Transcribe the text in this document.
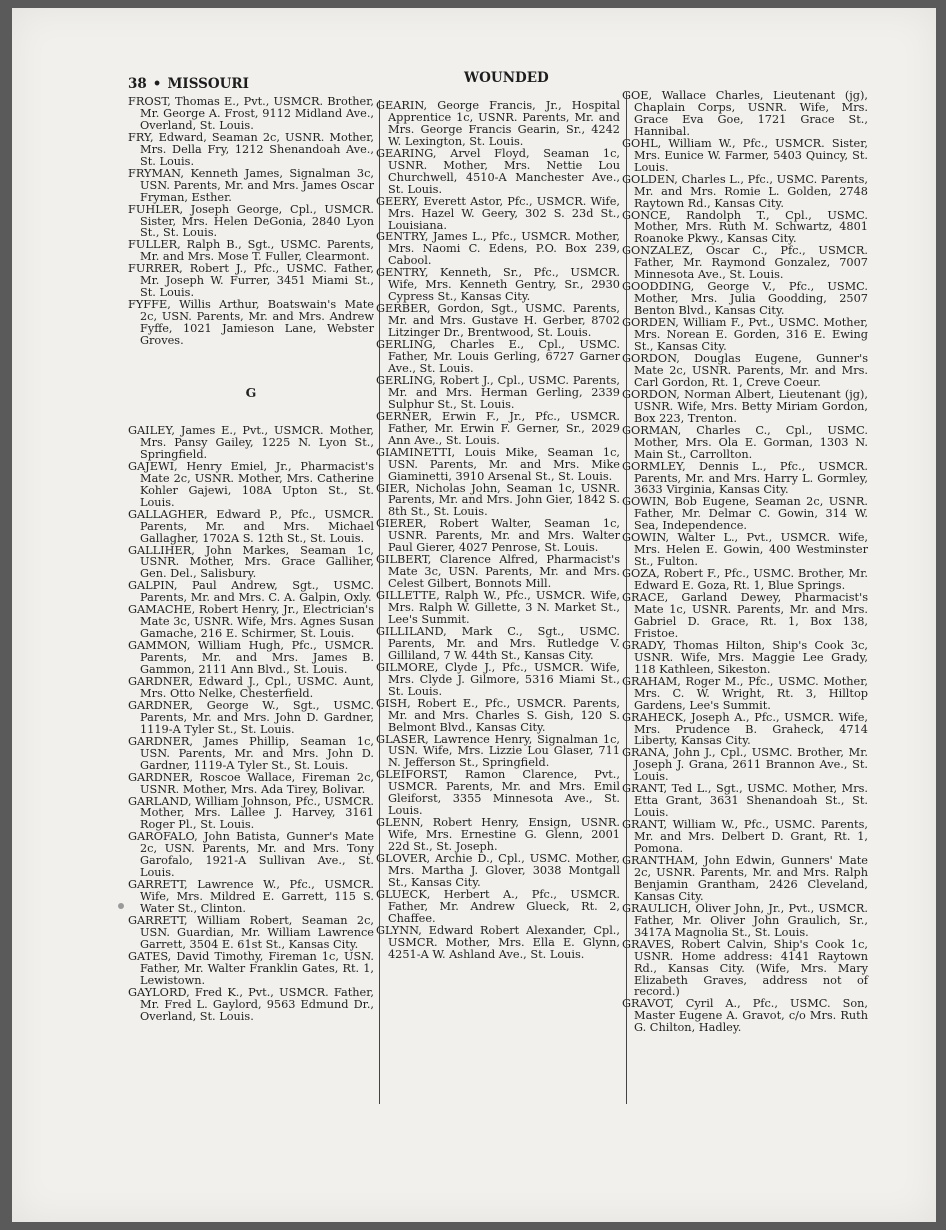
38 • MISSOURI	WOUNDED

FROST, Thomas E., Pvt., USMCR. Brother, Mr. George A. Frost, 9112 Midland Ave., Overland, St. Louis.

FRY, Edward, Seaman 2c, USNR. Mother, Mrs. Della Fry, 1212 Shenandoah Ave., St. Louis.

FRYMAN, Kenneth James, Signalman 3c, USN. Parents, Mr. and Mrs. James Oscar Fryman, Esther.

FUHLER, Joseph George, Cpl., USMCR. Sister, Mrs. Helen DeGonia, 2840 Lyon St., St. Louis.

FULLER, Ralph B., Sgt., USMC. Parents, Mr. and Mrs. Mose T. Fuller, Clearmont.

FURRER, Robert J., Pfc., USMC. Father, Mr. Joseph W. Furrer, 3451 Miami St., St. Louis.

FYFFE, Willis Arthur, Boatswain's Mate 2c, USN. Parents, Mr. and Mrs. Andrew Fyffe, 1021 Jamieson Lane, Webster Groves.

G

GAILEY, James E., Pvt., USMCR. Mother, Mrs. Pansy Gailey, 1225 N. Lyon St., Springfield.

GAJEWI, Henry Emiel, Jr., Pharmacist's Mate 2c, USNR. Mother, Mrs. Catherine Kohler Gajewi, 108A Upton St., St. Louis.

GALLAGHER, Edward P., Pfc., USMCR. Parents, Mr. and Mrs. Michael Gallagher, 1702A S. 12th St., St. Louis.

GALLIHER, John Markes, Seaman 1c, USNR. Mother, Mrs. Grace Galliher, Gen. Del., Salisbury.

GALPIN, Paul Andrew, Sgt., USMC. Parents, Mr. and Mrs. C. A. Galpin, Oxly.

GAMACHE, Robert Henry, Jr., Electrician's Mate 3c, USNR. Wife, Mrs. Agnes Susan Gamache, 216 E. Schirmer, St. Louis.

GAMMON, William Hugh, Pfc., USMCR. Parents, Mr. and Mrs. James B. Gammon, 2111 Ann Blvd., St. Louis.

GARDNER, Edward J., Cpl., USMC. Aunt, Mrs. Otto Nelke, Chesterfield.

GARDNER, George W., Sgt., USMC. Parents, Mr. and Mrs. John D. Gardner, 1119-A Tyler St., St. Louis.

GARDNER, James Phillip, Seaman 1c, USN. Parents, Mr. and Mrs. John D. Gardner, 1119-A Tyler St., St. Louis.

GARDNER, Roscoe Wallace, Fireman 2c, USNR. Mother, Mrs. Ada Tirey, Bolivar.

GARLAND, William Johnson, Pfc., USMCR. Mother, Mrs. Lallee J. Harvey, 3161 Roger Pl., St. Louis.

GAROFALO, John Batista, Gunner's Mate 2c, USN. Parents, Mr. and Mrs. Tony Garofalo, 1921-A Sullivan Ave., St. Louis.

GARRETT, Lawrence W., Pfc., USMCR. Wife, Mrs. Mildred E. Garrett, 115 S. Water St., Clinton.

GARRETT, William Robert, Seaman 2c, USN. Guardian, Mr. William Lawrence Garrett, 3504 E. 61st St., Kansas City.

GATES, David Timothy, Fireman 1c, USN. Father, Mr. Walter Franklin Gates, Rt. 1, Lewistown.

GAYLORD, Fred K., Pvt., USMCR. Father, Mr. Fred L. Gaylord, 9563 Edmund Dr., Overland, St. Louis.

GEARIN, George Francis, Jr., Hospital Apprentice 1c, USNR. Parents, Mr. and Mrs. George Francis Gearin, Sr., 4242 W. Lexington, St. Louis.

GEARING, Arvel Floyd, Seaman 1c, USNR. Mother, Mrs. Nettie Lou Churchwell, 4510-A Manchester Ave., St. Louis.

GEERY, Everett Astor, Pfc., USMCR. Wife, Mrs. Hazel W. Geery, 302 S. 23d St., Louisiana.

GENTRY, James L., Pfc., USMCR. Mother, Mrs. Naomi C. Edens, P.O. Box 239, Cabool.

GENTRY, Kenneth, Sr., Pfc., USMCR. Wife, Mrs. Kenneth Gentry, Sr., 2930 Cypress St., Kansas City.

GERBER, Gordon, Sgt., USMC. Parents, Mr. and Mrs. Gustave H. Gerber, 8702 Litzinger Dr., Brentwood, St. Louis.

GERLING, Charles E., Cpl., USMC. Father, Mr. Louis Gerling, 6727 Garner Ave., St. Louis.

GERLING, Robert J., Cpl., USMC. Parents, Mr. and Mrs. Herman Gerling, 2339 Sulphur St., St. Louis.

GERNER, Erwin F., Jr., Pfc., USMCR. Father, Mr. Erwin F. Gerner, Sr., 2029 Ann Ave., St. Louis.

GIAMINETTI, Louis Mike, Seaman 1c, USN. Parents, Mr. and Mrs. Mike Giaminetti, 3910 Arsenal St., St. Louis.

GIER, Nicholas John, Seaman 1c, USNR. Parents, Mr. and Mrs. John Gier, 1842 S. 8th St., St. Louis.

GIERER, Robert Walter, Seaman 1c, USNR. Parents, Mr. and Mrs. Walter Paul Gierer, 4027 Penrose, St. Louis.

GILBERT, Clarence Alfred, Pharmacist's Mate 3c, USN. Parents, Mr. and Mrs. Celest Gilbert, Bonnots Mill.

GILLETTE, Ralph W., Pfc., USMCR. Wife, Mrs. Ralph W. Gillette, 3 N. Market St., Lee's Summit.

GILLILAND, Mark C., Sgt., USMC. Parents, Mr. and Mrs. Rutledge V. Gilliland, 7 W. 44th St., Kansas City.

GILMORE, Clyde J., Pfc., USMCR. Wife, Mrs. Clyde J. Gilmore, 5316 Miami St., St. Louis.

GISH, Robert E., Pfc., USMCR. Parents, Mr. and Mrs. Charles S. Gish, 120 S. Belmont Blvd., Kansas City.

GLASER, Lawrence Henry, Signalman 1c, USN. Wife, Mrs. Lizzie Lou Glaser, 711 N. Jefferson St., Springfield.

GLEIFORST, Ramon Clarence, Pvt., USMCR. Parents, Mr. and Mrs. Emil Gleiforst, 3355 Minnesota Ave., St. Louis.

GLENN, Robert Henry, Ensign, USNR. Wife, Mrs. Ernestine G. Glenn, 2001 22d St., St. Joseph.

GLOVER, Archie D., Cpl., USMC. Mother, Mrs. Martha J. Glover, 3038 Montgall St., Kansas City.

GLUECK, Herbert A., Pfc., USMCR. Father, Mr. Andrew Glueck, Rt. 2, Chaffee.

GLYNN, Edward Robert Alexander, Cpl., USMCR. Mother, Mrs. Ella E. Glynn, 4251-A W. Ashland Ave., St. Louis.

GOE, Wallace Charles, Lieutenant (jg), Chaplain Corps, USNR. Wife, Mrs. Grace Eva Goe, 1721 Grace St., Hannibal.

GOHL, William W., Pfc., USMCR. Sister, Mrs. Eunice W. Farmer, 5403 Quincy, St. Louis.

GOLDEN, Charles L., Pfc., USMC. Parents, Mr. and Mrs. Romie L. Golden, 2748 Raytown Rd., Kansas City.

GONCE, Randolph T., Cpl., USMC. Mother, Mrs. Ruth M. Schwartz, 4801 Roanoke Pkwy., Kansas City.

GONZALEZ, Oscar C., Pfc., USMCR. Father, Mr. Raymond Gonzalez, 7007 Minnesota Ave., St. Louis.

GOODDING, George V., Pfc., USMC. Mother, Mrs. Julia Goodding, 2507 Benton Blvd., Kansas City.

GORDEN, William F., Pvt., USMC. Mother, Mrs. Norean E. Gorden, 316 E. Ewing St., Kansas City.

GORDON, Douglas Eugene, Gunner's Mate 2c, USNR. Parents, Mr. and Mrs. Carl Gordon, Rt. 1, Creve Coeur.

GORDON, Norman Albert, Lieutenant (jg), USNR. Wife, Mrs. Betty Miriam Gordon, Box 223, Trenton.

GORMAN, Charles C., Cpl., USMC. Mother, Mrs. Ola E. Gorman, 1303 N. Main St., Carrollton.

GORMLEY, Dennis L., Pfc., USMCR. Parents, Mr. and Mrs. Harry L. Gormley, 3633 Virginia, Kansas City.

GOWIN, Bob Eugene, Seaman 2c, USNR. Father, Mr. Delmar C. Gowin, 314 W. Sea, Independence.

GOWIN, Walter L., Pvt., USMCR. Wife, Mrs. Helen E. Gowin, 400 Westminster St., Fulton.

GOZA, Robert F., Pfc., USMC. Brother, Mr. Edward E. Goza, Rt. 1, Blue Springs.

GRACE, Garland Dewey, Pharmacist's Mate 1c, USNR. Parents, Mr. and Mrs. Gabriel D. Grace, Rt. 1, Box 138, Fristoe.

GRADY, Thomas Hilton, Ship's Cook 3c, USNR. Wife, Mrs. Maggie Lee Grady, 118 Kathleen, Sikeston.

GRAHAM, Roger M., Pfc., USMC. Mother, Mrs. C. W. Wright, Rt. 3, Hilltop Gardens, Lee's Summit.

GRAHECK, Joseph A., Pfc., USMCR. Wife, Mrs. Prudence B. Graheck, 4714 Liberty, Kansas City.

GRANA, John J., Cpl., USMC. Brother, Mr. Joseph J. Grana, 2611 Brannon Ave., St. Louis.

GRANT, Ted L., Sgt., USMC. Mother, Mrs. Etta Grant, 3631 Shenandoah St., St. Louis.

GRANT, William W., Pfc., USMC. Parents, Mr. and Mrs. Delbert D. Grant, Rt. 1, Pomona.

GRANTHAM, John Edwin, Gunners' Mate 2c, USNR. Parents, Mr. and Mrs. Ralph Benjamin Grantham, 2426 Cleveland, Kansas City.

GRAULICH, Oliver John, Jr., Pvt., USMCR. Father, Mr. Oliver John Graulich, Sr., 3417A Magnolia St., St. Louis.

GRAVES, Robert Calvin, Ship's Cook 1c, USNR. Home address: 4141 Raytown Rd., Kansas City. (Wife, Mrs. Mary Elizabeth Graves, address not of record.)

GRAVOT, Cyril A., Pfc., USMC. Son, Master Eugene A. Gravot, c/o Mrs. Ruth G. Chilton, Hadley.
